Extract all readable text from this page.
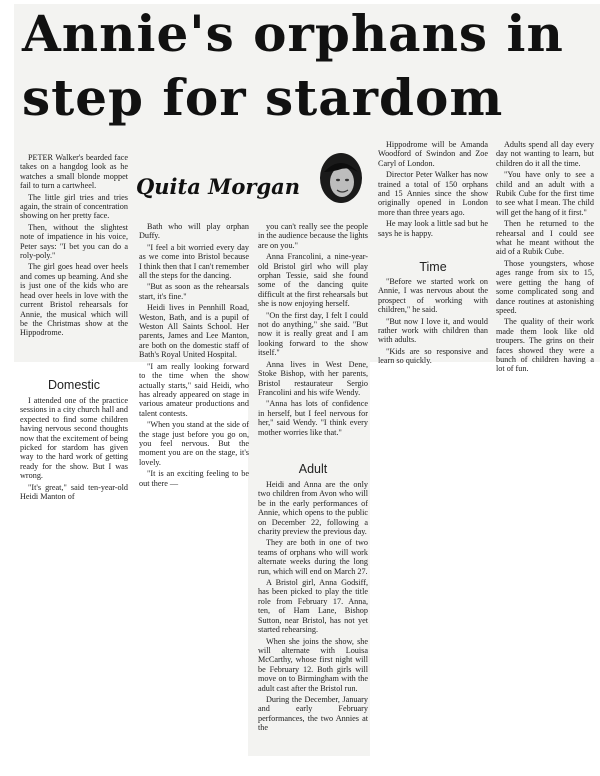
Annie's orphans in
step for stardom
Quita Morgan

PETER Walker's bearded face takes on a hangdog look as he watches a small blonde moppet fail to turn a cartwheel.

The little girl tries and tries again, the strain of concentration showing on her pretty face.

Then, without the slightest note of impatience in his voice, Peter says: "I bet you can do a roly-poly."

The girl goes head over heels and comes up beaming. And she is just one of the kids who are head over heels in love with the current Bristol rehearsals for Annie, the musical which will be the Christmas show at the Hippodrome.

Domestic

I attended one of the practice sessions in a city church hall and expected to find some children having nervous second thoughts now that the excitement of being picked for stardom has given way to the hard work of getting ready for the show. But I was wrong.

"It's great," said ten-year-old Heidi Manton of

Bath who will play orphan Duffy.

"I feel a bit worried every day as we come into Bristol because I think then that I can't remember all the steps for the dancing.

"But as soon as the rehearsals start, it's fine."

Heidi lives in Pennhill Road, Weston, Bath, and is a pupil of Weston All Saints School. Her parents, James and Lee Manton, are both on the domestic staff of Bath's Royal United Hospital.

"I am really looking forward to the time when the show actually starts," said Heidi, who has already appeared on stage in various amateur productions and talent contests.

"When you stand at the side of the stage just before you go on, you feel nervous. But the moment you are on the stage, it's lovely.

"It is an exciting feeling to be out there —

you can't really see the people in the audience because the lights are on you."

Anna Francolini, a nine-year-old Bristol girl who will play orphan Tessie, said she found some of the dancing quite difficult at the first rehearsals but she is now enjoying herself.

"On the first day, I felt I could not do anything," she said. "But now it is really great and I am looking forward to the show itself."

Anna lives in West Dene, Stoke Bishop, with her parents, Bristol restaurateur Sergio Francolini and his wife Wendy.

"Anna has lots of confidence in herself, but I feel nervous for her," said Wendy. "I think every mother worries like that."

Adult

Heidi and Anna are the only two children from Avon who will be in the early performances of Annie, which opens to the public on December 22, following a charity preview the previous day.

They are both in one of two teams of orphans who will work alternate weeks during the long run, which will end on March 27.

A Bristol girl, Anna Godsiff, has been picked to play the title role from February 17. Anna, ten, of Ham Lane, Bishop Sutton, near Bristol, has not yet started rehearsing.

When she joins the show, she will alternate with Louisa McCarthy, whose first night will be February 12. Both girls will move on to Birmingham with the adult cast after the Bristol run.

During the December, January and early February performances, the two Annies at the

Hippodrome will be Amanda Woodford of Swindon and Zoe Caryl of London.

Director Peter Walker has now trained a total of 150 orphans and 15 Annies since the show originally opened in London more than three years ago.

He may look a little sad but he says he is happy.

Time

"Before we started work on Annie, I was nervous about the prospect of working with children," he said.

"But now I love it, and would rather work with children than with adults.

"Kids are so responsive and learn so quickly.

Adults spend all day every day not wanting to learn, but children do it all the time.

"You have only to see a child and an adult with a Rubik Cube for the first time to see what I mean. The child will get the hang of it first."

Then he returned to the rehearsal and I could see what he meant without the aid of a Rubik Cube.

Those youngsters, whose ages range from six to 15, were getting the hang of some complicated song and dance routines at astonishing speed.

The quality of their work made them look like old troupers. The grins on their faces showed they were a bunch of children having a lot of fun.
